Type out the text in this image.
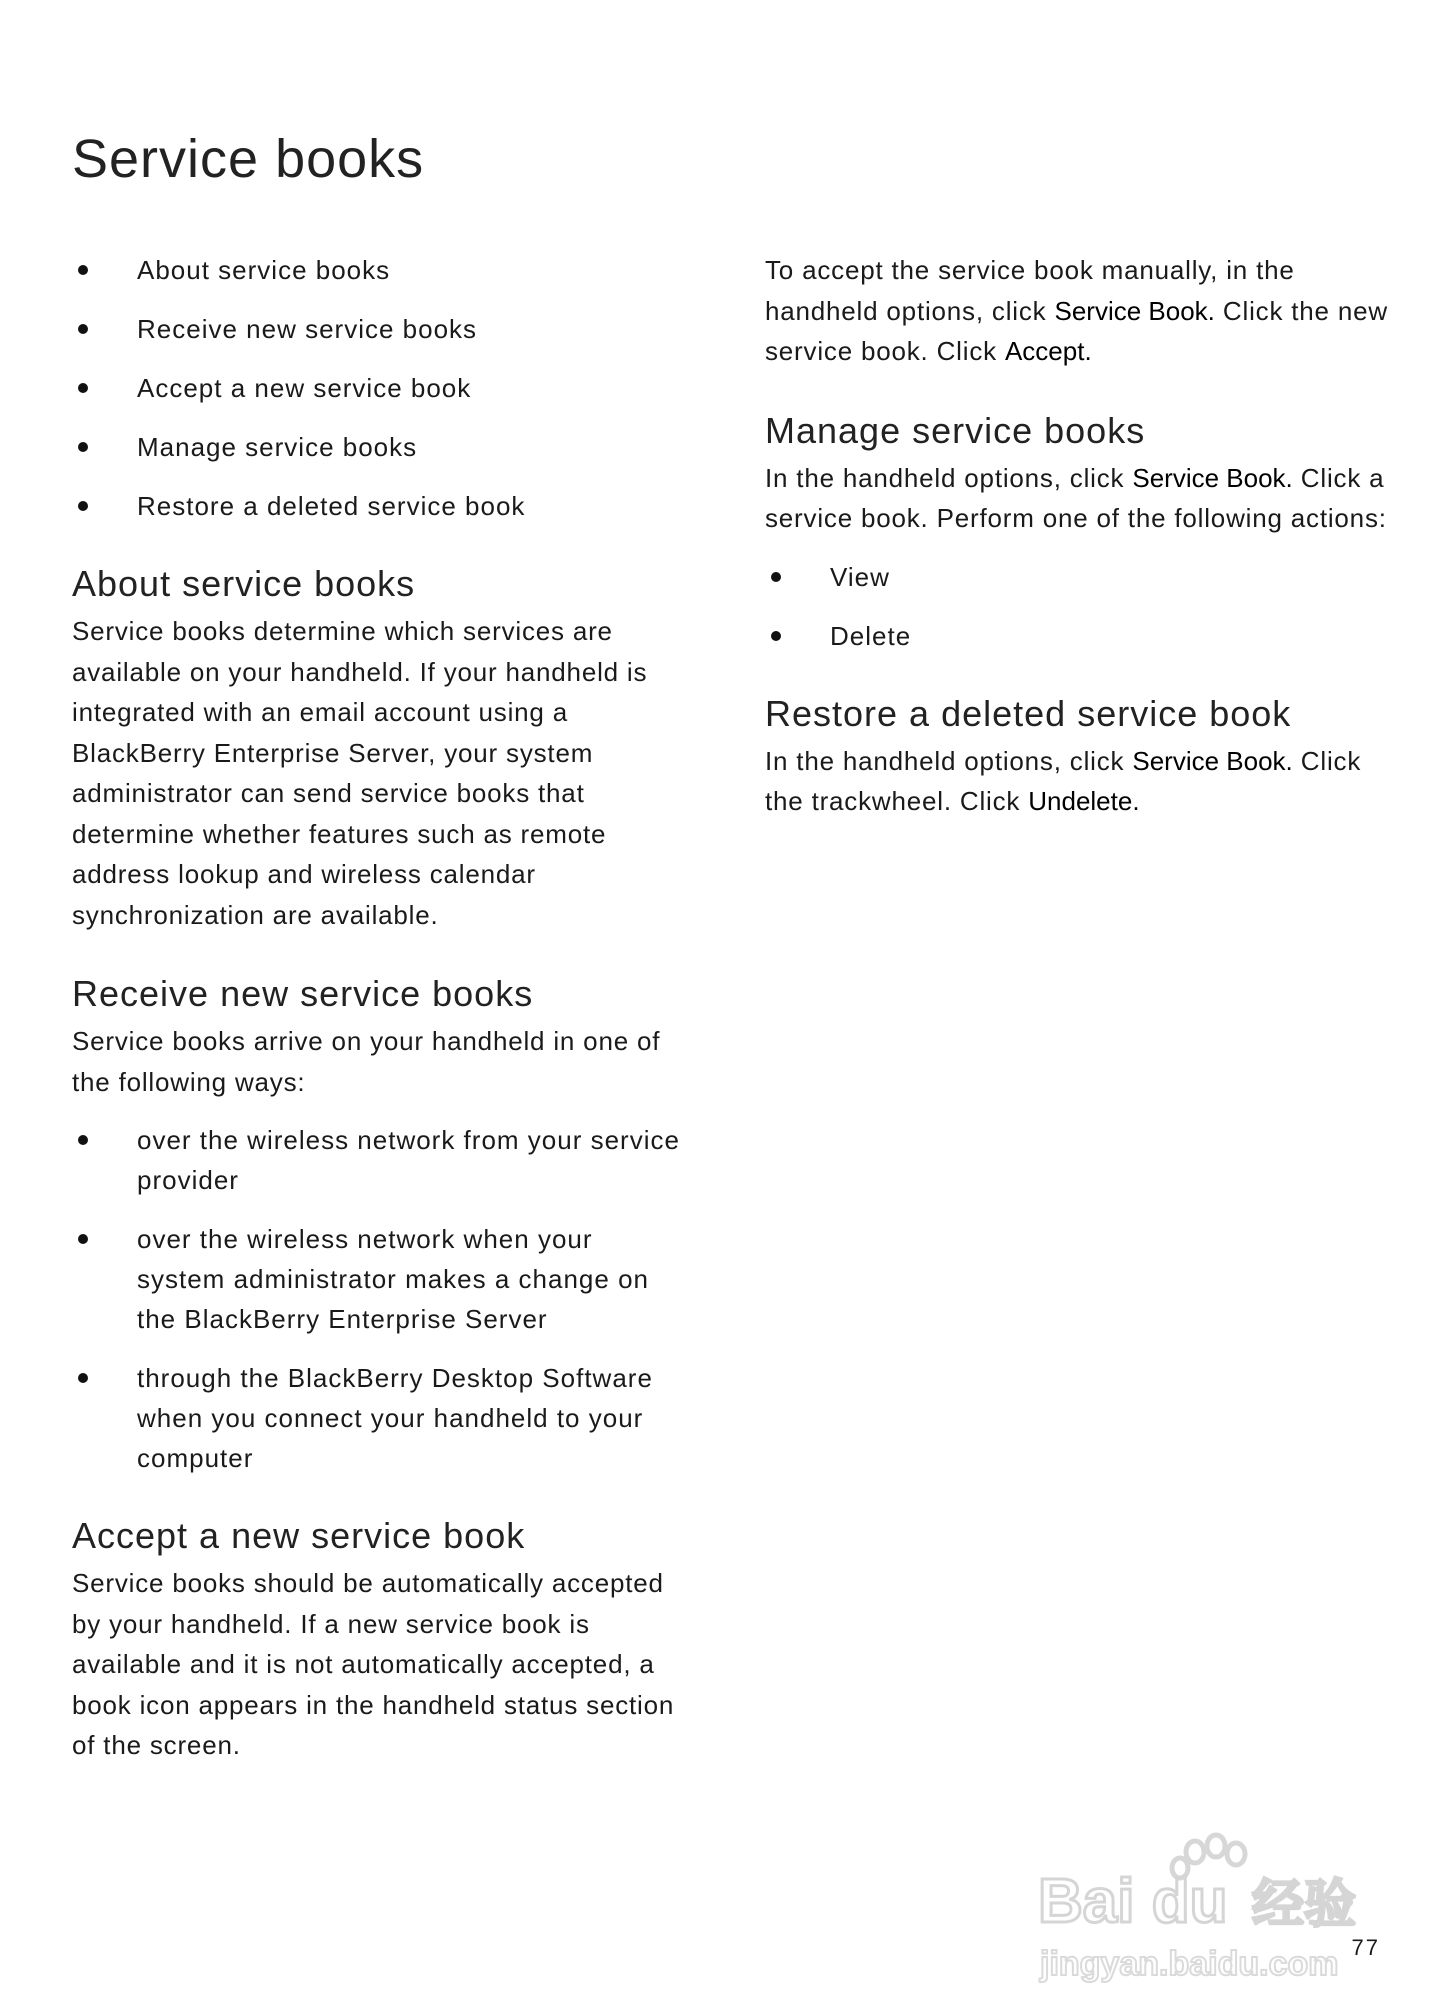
Service books
About service books
Receive new service books
Accept a new service book
Manage service books
Restore a deleted service book
About service books

Service books determine which services are available on your handheld. If your handheld is integrated with an email account using a BlackBerry Enterprise Server, your system administrator can send service books that determine whether features such as remote address lookup and wireless calendar synchronization are available.

Receive new service books

Service books arrive on your handheld in one of the following ways:

over the wireless network from your service provider
over the wireless network when your system administrator makes a change on the BlackBerry Enterprise Server
through the BlackBerry Desktop Software when you connect your handheld to your computer
Accept a new service book

Service books should be automatically accepted by your handheld. If a new service book is available and it is not automatically accepted, a book icon appears in the handheld status section of the screen.

To accept the service book manually, in the handheld options, click Service Book. Click the new service book. Click Accept.

Manage service books

In the handheld options, click Service Book. Click a service book. Perform one of the following actions:

View
Delete
Restore a deleted service book

In the handheld options, click Service Book. Click the trackwheel. Click Undelete.

77
Bai du 经验
jingyan.baidu.com
